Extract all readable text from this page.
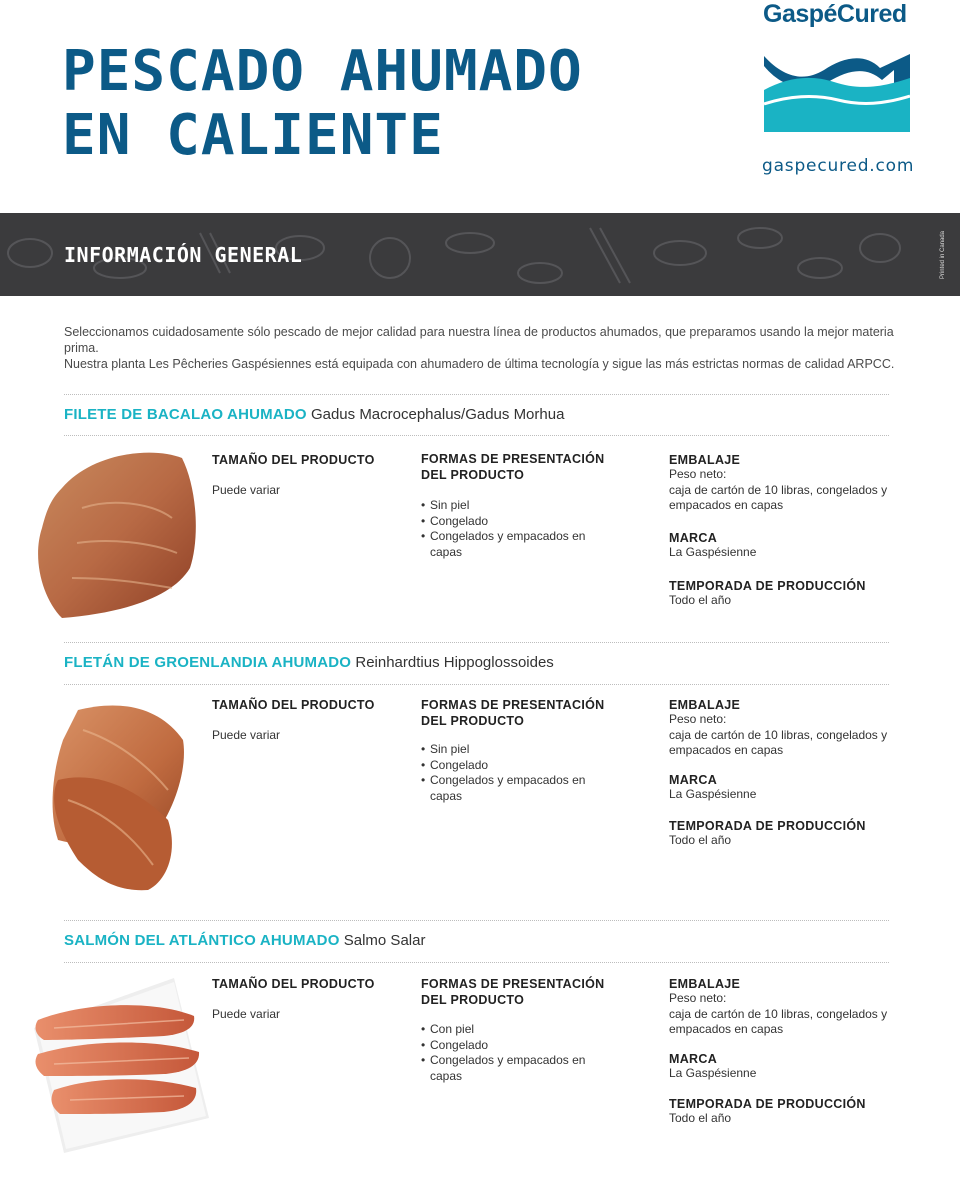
PESCADO AHUMADO
EN CALIENTE
GaspéCured
gaspecured.com
INFORMACIÓN GENERAL	Printed in Canada
Seleccionamos cuidadosamente sólo pescado de mejor calidad para nuestra línea de productos ahumados, que preparamos usando la mejor materia prima.
Nuestra planta Les Pêcheries Gaspésiennes está equipada con ahumadero de última tecnología y sigue las más estrictas normas de calidad ARPCC.
FILETE DE BACALAO AHUMADO Gadus Macrocephalus/Gadus Morhua
TAMAÑO DEL PRODUCTO
Puede variar
FORMAS DE PRESENTACIÓN
DEL PRODUCTO
• Sin piel
• Congelado
• Congelados y empacados en
capas
EMBALAJE
Peso neto:
caja de cartón de 10 libras, congelados y
empacados en capas
MARCA
La Gaspésienne
TEMPORADA DE PRODUCCIÓN
Todo el año
FLETÁN DE GROENLANDIA AHUMADO Reinhardtius Hippoglossoides
TAMAÑO DEL PRODUCTO
Puede variar
FORMAS DE PRESENTACIÓN
DEL PRODUCTO
• Sin piel
• Congelado
• Congelados y empacados en
capas
EMBALAJE
Peso neto:
caja de cartón de 10 libras, congelados y
empacados en capas
MARCA
La Gaspésienne
TEMPORADA DE PRODUCCIÓN
Todo el año
SALMÓN DEL ATLÁNTICO AHUMADO Salmo Salar
TAMAÑO DEL PRODUCTO
Puede variar
FORMAS DE PRESENTACIÓN
DEL PRODUCTO
• Con piel
• Congelado
• Congelados y empacados en
capas
EMBALAJE
Peso neto:
caja de cartón de 10 libras, congelados y
empacados en capas
MARCA
La Gaspésienne
TEMPORADA DE PRODUCCIÓN
Todo el año
